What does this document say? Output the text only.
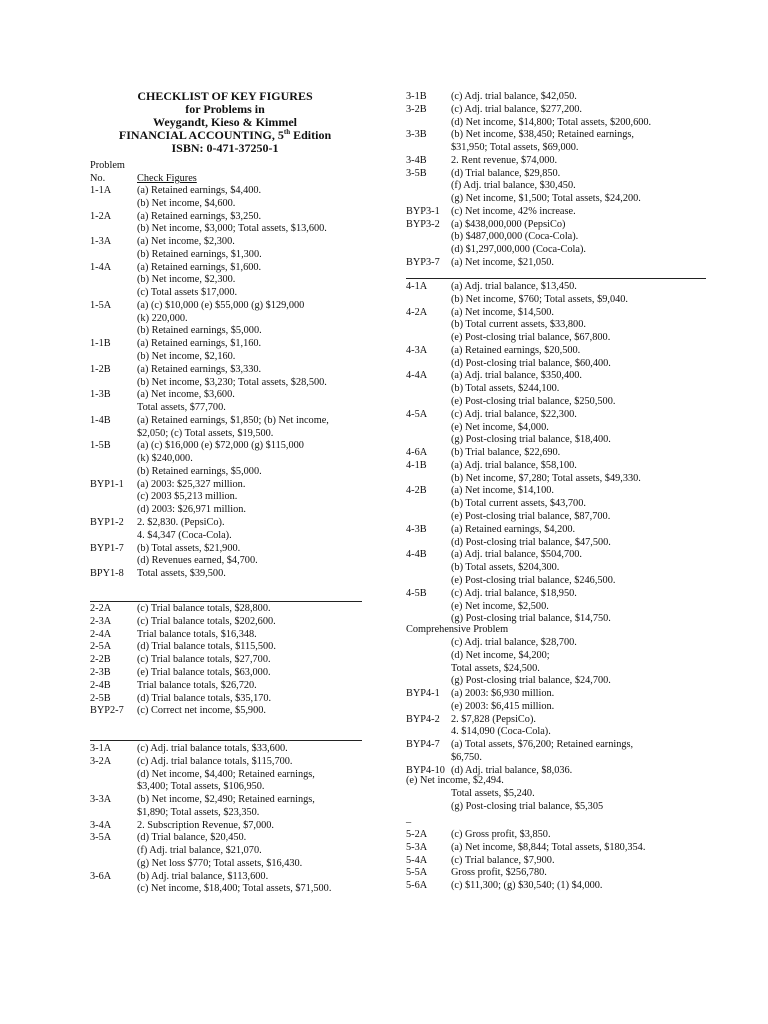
CHECKLIST OF KEY FIGURES
for Problems in
Weygandt, Kieso & Kimmel
FINANCIAL ACCOUNTING, 5th Edition
ISBN: 0-471-37250-1
Problem
No.	Check Figures
1-1A	(a) Retained earnings, $4,400.
(b) Net income, $4,600.
1-2A	(a) Retained earnings, $3,250.
(b) Net income, $3,000; Total assets, $13,600.
1-3A	(a) Net income, $2,300.
(b) Retained earnings, $1,300.
1-4A	(a) Retained earnings, $1,600.
(b) Net income, $2,300.
(c) Total assets $17,000.
1-5A	(a) (c) $10,000 (e) $55,000 (g) $129,000
(k) 220,000.
(b) Retained earnings, $5,000.
1-1B	(a) Retained earnings, $1,160.
(b) Net income, $2,160.
1-2B	(a) Retained earnings, $3,330.
(b) Net income, $3,230; Total assets, $28,500.
1-3B	(a) Net income, $3,600.
Total assets, $77,700.
1-4B	(a) Retained earnings, $1,850; (b) Net income,
$2,050; (c) Total assets, $19,500.
1-5B	(a) (c) $16,000 (e) $72,000 (g) $115,000
(k) $240,000.
(b) Retained earnings, $5,000.
BYP1-1 (a) 2003: $25,327 million.
(c) 2003 $5,213 million.
(d) 2003: $26,971 million.
BYP1-2 2. $2,830. (PepsiCo).
4. $4,347 (Coca-Cola).
BYP1-7 (b) Total assets, $21,900.
(d) Revenues earned, $4,700.
BPY1-8 Total assets, $39,500.
2-2A	(c) Trial balance totals, $28,800.
2-3A	(c) Trial balance totals, $202,600.
2-4A	Trial balance totals, $16,348.
2-5A	(d) Trial balance totals, $115,500.
2-2B	(c) Trial balance totals, $27,700.
2-3B	(e) Trial balance totals, $63,000.
2-4B	Trial balance totals, $26,720.
2-5B	(d) Trial balance totals, $35,170.
BYP2-7 (c) Correct net income, $5,900.
3-1A	(c) Adj. trial balance totals, $33,600.
3-2A	(c) Adj. trial balance totals, $115,700.
(d) Net income, $4,400; Retained earnings,
$3,400; Total assets, $106,950.
3-3A	(b) Net income, $2,490; Retained earnings,
$1,890; Total assets, $23,350.
3-4A	2. Subscription Revenue, $7,000.
3-5A	(d) Trial balance, $20,450.
(f) Adj. trial balance, $21,070.
(g) Net loss $770; Total assets, $16,430.
3-6A	(b) Adj. trial balance, $113,600.
(c) Net income, $18,400; Total assets, $71,500.
3-1B (c) Adj. trial balance, $42,050.
3-2B (c) Adj. trial balance, $277,200.
(d) Net income, $14,800; Total assets, $200,600.
3-3B (b) Net income, $38,450; Retained earnings,
$31,950; Total assets, $69,000.
3-4B 2. Rent revenue, $74,000.
3-5B (d) Trial balance, $29,850.
(f) Adj. trial balance, $30,450.
(g) Net income, $1,500; Total assets, $24,200.
BYP3-1 (c) Net income, 42% increase.
BYP3-2 (a) $438,000,000 (PepsiCo)
(b) $487,000,000 (Coca-Cola).
(d) $1,297,000,000 (Coca-Cola).
BYP3-7 (a) Net income, $21,050.
4-1A (a) Adj. trial balance, $13,450.
(b) Net income, $760; Total assets, $9,040.
4-2A (a) Net income, $14,500.
(b) Total current assets, $33,800.
(e) Post-closing trial balance, $67,800.
4-3A (a) Retained earnings, $20,500.
(d) Post-closing trial balance, $60,400.
4-4A (a) Adj. trial balance, $350,400.
(b) Total assets, $244,100.
(e) Post-closing trial balance, $250,500.
4-5A (c) Adj. trial balance, $22,300.
(e) Net income, $4,000.
(g) Post-closing trial balance, $18,400.
4-6A (b) Trial balance, $22,690.
4-1B (a) Adj. trial balance, $58,100.
(b) Net income, $7,280; Total assets, $49,330.
4-2B (a) Net income, $14,100.
(b) Total current assets, $43,700.
(e) Post-closing trial balance, $87,700.
4-3B (a) Retained earnings, $4,200.
(d) Post-closing trial balance, $47,500.
4-4B (a) Adj. trial balance, $504,700.
(b) Total assets, $204,300.
(e) Post-closing trial balance, $246,500.
4-5B (c) Adj. trial balance, $18,950.
(e) Net income, $2,500.
(g) Post-closing trial balance, $14,750.
Comprehensive Problem
(c) Adj. trial balance, $28,700.
(d) Net income, $4,200;
Total assets, $24,500.
(g) Post-closing trial balance, $24,700.
BYP4-1 (a) 2003: $6,930 million.
(e) 2003: $6,415 million.
BYP4-2 2. $7,828 (PepsiCo).
4. $14,090 (Coca-Cola).
BYP4-7 (a) Total assets, $76,200; Retained earnings,
$6,750.
BYP4-10 (d) Adj. trial balance, $8,036.
(e) Net income, $2,494.
Total assets, $5,240.
(g) Post-closing trial balance, $5,305
_
5-2A (c) Gross profit, $3,850.
5-3A (a) Net income, $8,844; Total assets, $180,354.
5-4A (c) Trial balance, $7,900.
5-5A Gross profit, $256,780.
5-6A (c) $11,300; (g) $30,540; (1) $4,000.
